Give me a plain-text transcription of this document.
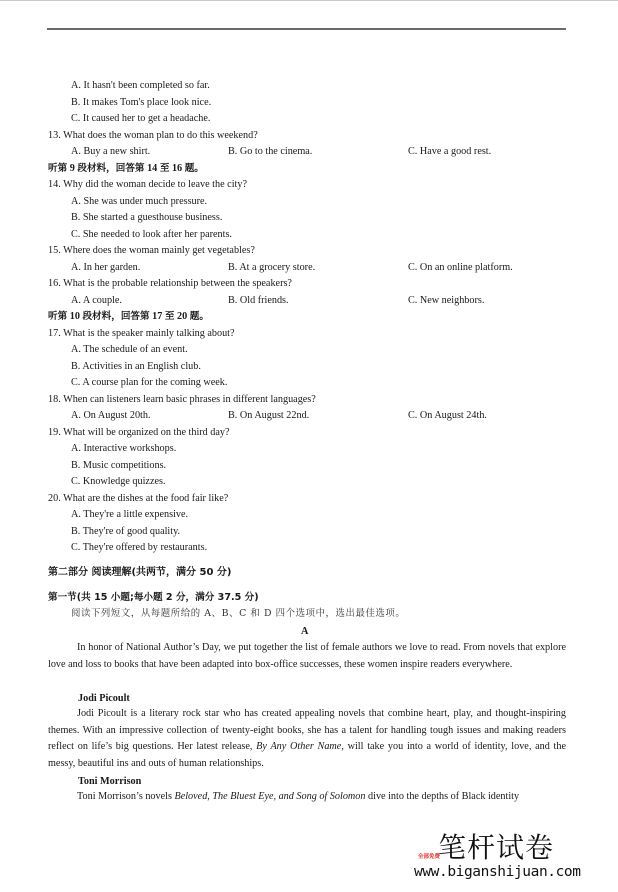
A. It hasn't been completed so far.
B. It makes Tom's place look nice.
C. It caused her to get a headache.
13. What does the woman plan to do this weekend?
A. Buy a new shirt.	B. Go to the cinema.	C. Have a good rest.
听第 9 段材料，回答第 14 至 16 题。
14. Why did the woman decide to leave the city?
A. She was under much pressure.
B. She started a guesthouse business.
C. She needed to look after her parents.
15. Where does the woman mainly get vegetables?
A. In her garden.	B. At a grocery store.	C. On an online platform.
16. What is the probable relationship between the speakers?
A. A couple.	B. Old friends.	C. New neighbors.
听第 10 段材料，回答第 17 至 20 题。
17. What is the speaker mainly talking about?
A. The schedule of an event.
B. Activities in an English club.
C. A course plan for the coming week.
18. When can listeners learn basic phrases in different languages?
A. On August 20th.	B. On August 22nd.	C. On August 24th.
19. What will be organized on the third day?
A. Interactive workshops.
B. Music competitions.
C. Knowledge quizzes.
20. What are the dishes at the food fair like?
A. They're a little expensive.
B. They're of good quality.
C. They're offered by restaurants.
第二部分 阅读理解(共两节，满分 50 分)
第一节(共 15 小题;每小题 2 分，满分 37.5 分)
阅读下列短文，从每题所给的 A、B、C 和 D 四个选项中，选出最佳选项。
A
In honor of National Author’s Day, we put together the list of female authors we love to read. From novels that explore love and loss to books that have been adapted into box-office successes, these women inspire readers everywhere.
Jodi Picoult
Jodi Picoult is a literary rock star who has created appealing novels that combine heart, play, and thought-inspiring themes. With an impressive collection of twenty-eight books, she has a talent for handling tough issues and making readers reflect on life’s big questions. Her latest release, By Any Other Name, will take you into a world of identity, love, and the messy, beautiful ins and outs of human relationships.
Toni Morrison
Toni Morrison’s novels Beloved, The Bluest Eye, and Song of Solomon dive into the depths of Black identity
笔杆试卷
全部免费
www.biganshijuan.com
